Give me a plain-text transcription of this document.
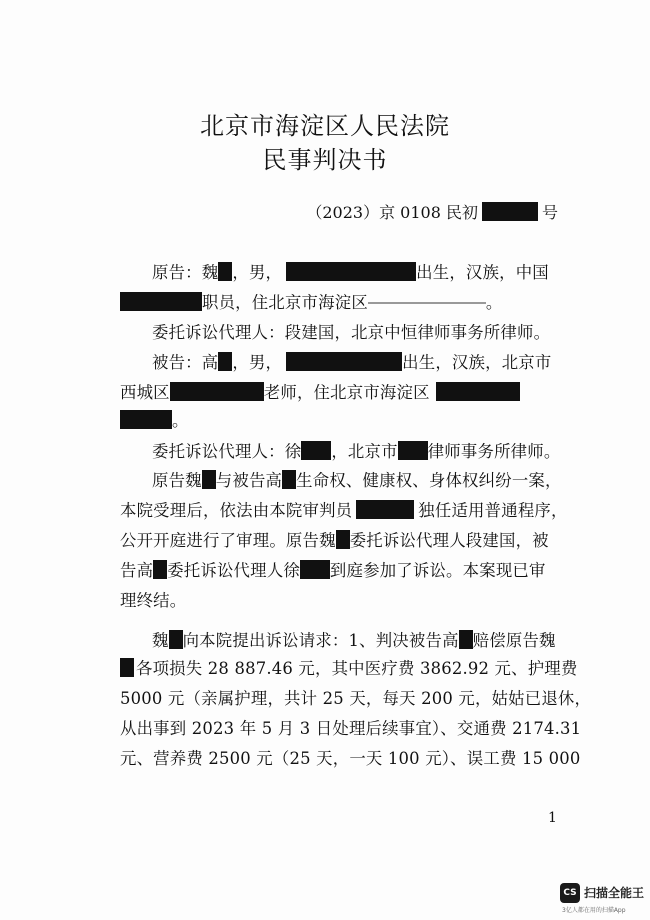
北京市海淀区人民法院
民事判决书
（2023）京 0108 民初	号
原告：魏 ，男，	出生，汉族，中国
职员，住北京市海淀区	。
委托诉讼代理人：段建国，北京中恒律师事务所律师。
被告：高 ，男，	出生，汉族，北京市
西城区	老师，住北京市海淀区
。
委托诉讼代理人：徐 ，北京市 律师事务所律师。
原告魏 与被告高 生命权、健康权、身体权纠纷一案，
本院受理后，依法由本院审判员	独任适用普通程序，
公开开庭进行了审理。原告魏 委托诉讼代理人段建国，被
告高 委托诉讼代理人徐 到庭参加了诉讼。本案现已审
理终结。
魏 向本院提出诉讼请求：1、判决被告高 赔偿原告魏
各项损失 28 887.46 元，其中医疗费 3862.92 元、护理费
5000 元（亲属护理，共计 25 天，每天 200 元，姑姑已退休，
从出事到 2023 年 5 月 3 日处理后续事宜）、交通费 2174.31
元、营养费 2500 元（25 天，一天 100 元）、误工费 15 000
1
CS 扫描全能王
3亿人都在用的扫描App
